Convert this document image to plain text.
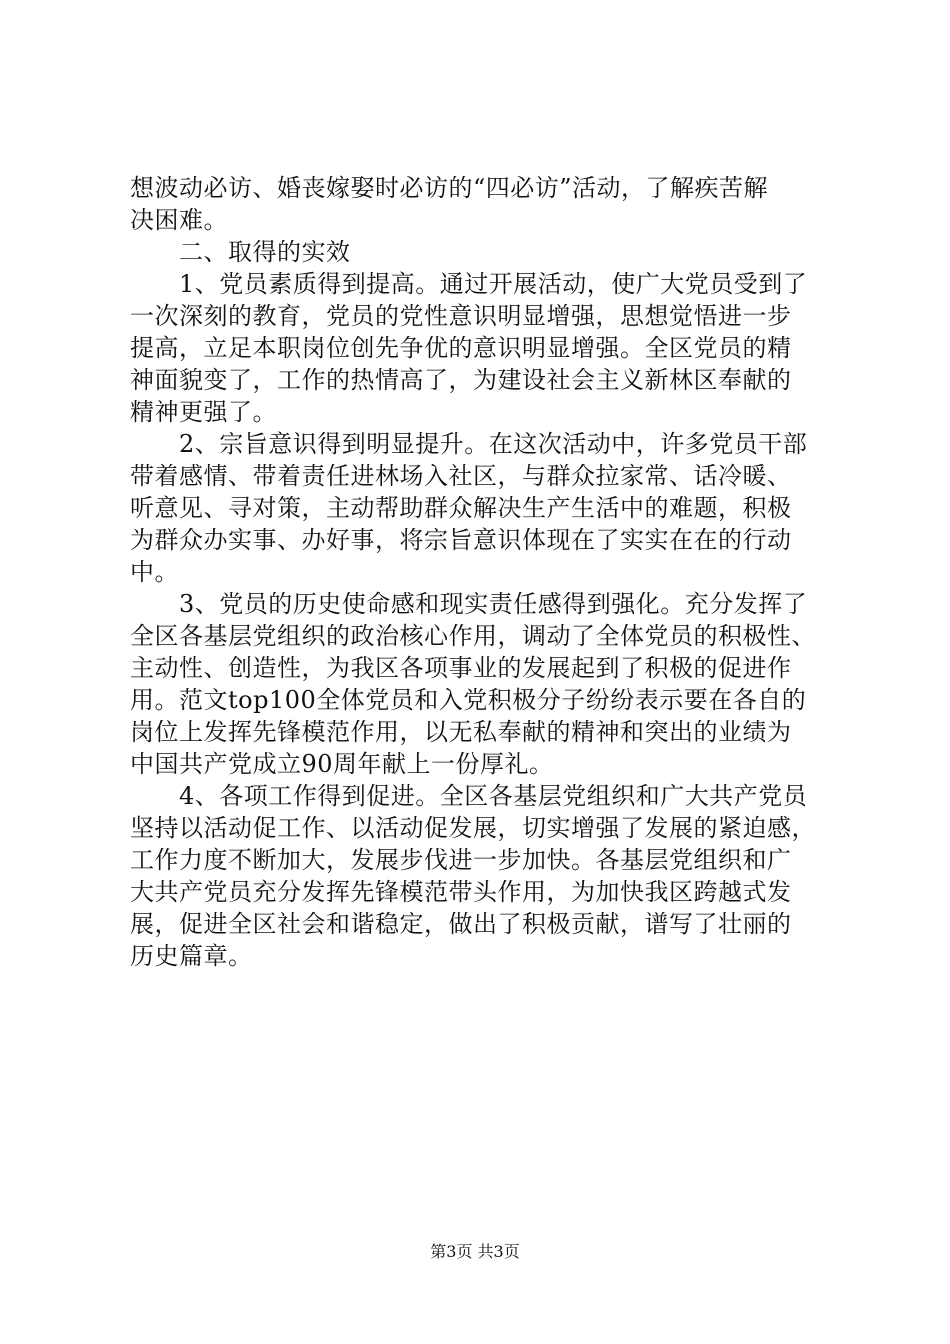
想波动必访、婚丧嫁娶时必访的“四必访”活动，了解疾苦解
决困难。
　　二、取得的实效
　　1、党员素质得到提高。通过开展活动，使广大党员受到了
一次深刻的教育，党员的党性意识明显增强，思想觉悟进一步
提高，立足本职岗位创先争优的意识明显增强。全区党员的精
神面貌变了，工作的热情高了，为建设社会主义新林区奉献的
精神更强了。
　　2、宗旨意识得到明显提升。在这次活动中，许多党员干部
带着感情、带着责任进林场入社区，与群众拉家常、话冷暖、
听意见、寻对策，主动帮助群众解决生产生活中的难题，积极
为群众办实事、办好事，将宗旨意识体现在了实实在在的行动
中。
　　3、党员的历史使命感和现实责任感得到强化。充分发挥了
全区各基层党组织的政治核心作用，调动了全体党员的积极性、
主动性、创造性，为我区各项事业的发展起到了积极的促进作
用。范文top100全体党员和入党积极分子纷纷表示要在各自的
岗位上发挥先锋模范作用，以无私奉献的精神和突出的业绩为
中国共产党成立90周年献上一份厚礼。
　　4、各项工作得到促进。全区各基层党组织和广大共产党员
坚持以活动促工作、以活动促发展，切实增强了发展的紧迫感，
工作力度不断加大，发展步伐进一步加快。各基层党组织和广
大共产党员充分发挥先锋模范带头作用，为加快我区跨越式发
展，促进全区社会和谐稳定，做出了积极贡献，谱写了壮丽的
历史篇章。
第3页 共3页
